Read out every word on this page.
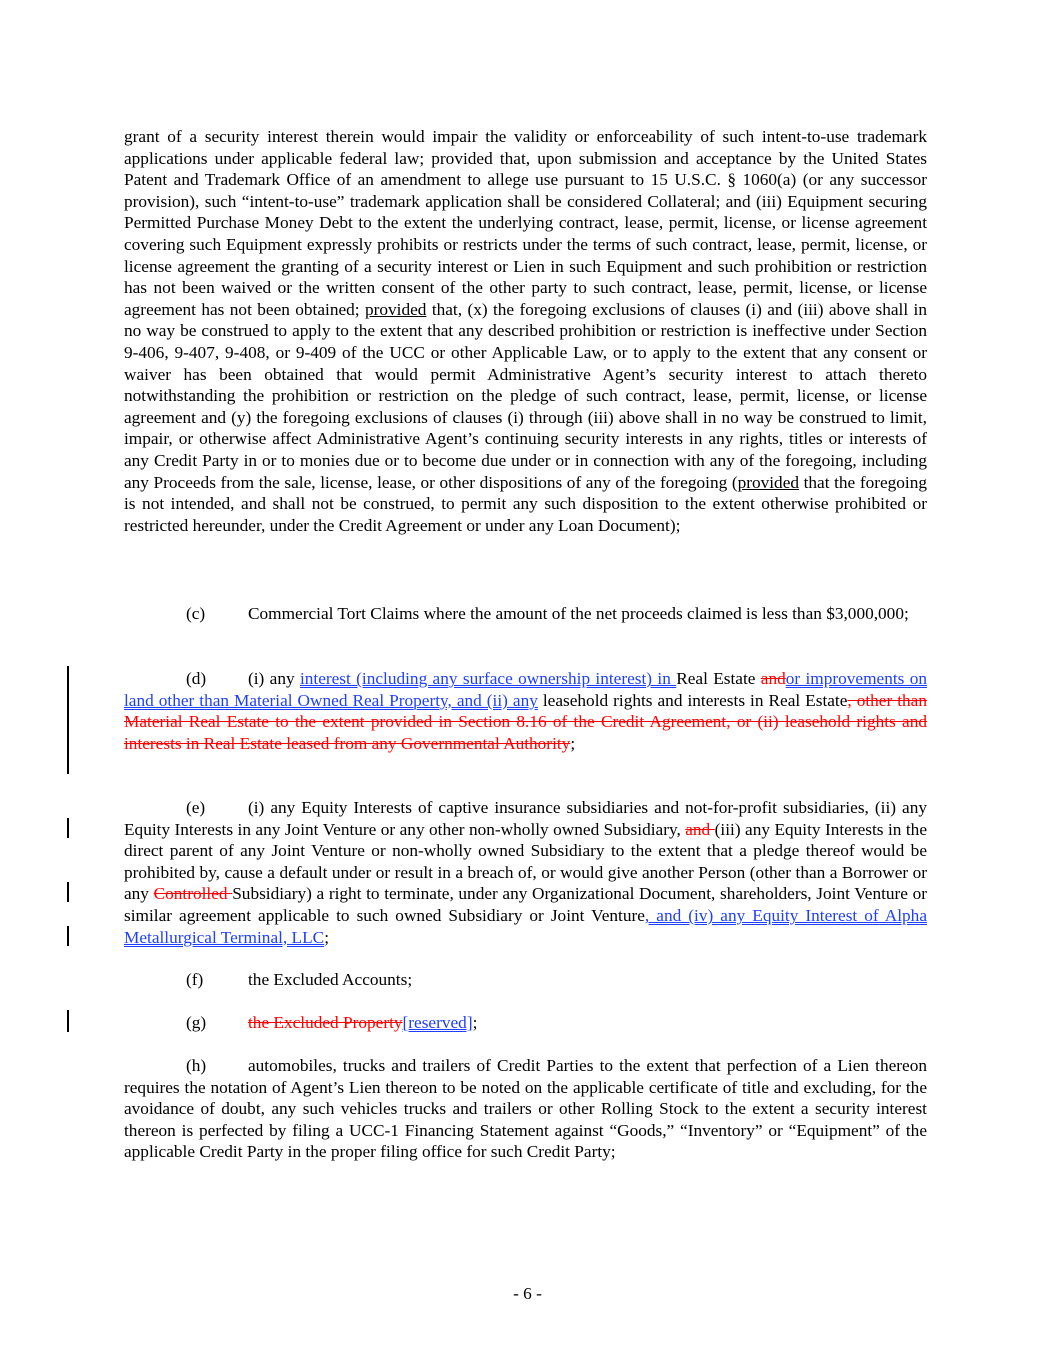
grant of a security interest therein would impair the validity or enforceability of such intent-to-use trademark applications under applicable federal law; provided that, upon submission and acceptance by the United States Patent and Trademark Office of an amendment to allege use pursuant to 15 U.S.C. § 1060(a) (or any successor provision), such “intent-to-use” trademark application shall be considered Collateral; and (iii) Equipment securing Permitted Purchase Money Debt to the extent the underlying contract, lease, permit, license, or license agreement covering such Equipment expressly prohibits or restricts under the terms of such contract, lease, permit, license, or license agreement the granting of a security interest or Lien in such Equipment and such prohibition or restriction has not been waived or the written consent of the other party to such contract, lease, permit, license, or license agreement has not been obtained; provided that, (x) the foregoing exclusions of clauses (i) and (iii) above shall in no way be construed to apply to the extent that any described prohibition or restriction is ineffective under Section 9-406, 9-407, 9-408, or 9-409 of the UCC or other Applicable Law, or to apply to the extent that any consent or waiver has been obtained that would permit Administrative Agent’s security interest to attach thereto notwithstanding the prohibition or restriction on the pledge of such contract, lease, permit, license, or license agreement and (y) the foregoing exclusions of clauses (i) through (iii) above shall in no way be construed to limit, impair, or otherwise affect Administrative Agent’s continuing security interests in any rights, titles or interests of any Credit Party in or to monies due or to become due under or in connection with any of the foregoing, including any Proceeds from the sale, license, lease, or other dispositions of any of the foregoing (provided that the foregoing is not intended, and shall not be construed, to permit any such disposition to the extent otherwise prohibited or restricted hereunder, under the Credit Agreement or under any Loan Document);

(c) Commercial Tort Claims where the amount of the net proceeds claimed is less than $3,000,000;

(d) (i) any interest (including any surface ownership interest) in Real Estate andor improvements on land other than Material Owned Real Property, and (ii) any leasehold rights and interests in Real Estate, other than Material Real Estate to the extent provided in Section 8.16 of the Credit Agreement, or (ii) leasehold rights and interests in Real Estate leased from any Governmental Authority;

(e) (i) any Equity Interests of captive insurance subsidiaries and not-for-profit subsidiaries, (ii) any Equity Interests in any Joint Venture or any other non-wholly owned Subsidiary, and (iii) any Equity Interests in the direct parent of any Joint Venture or non-wholly owned Subsidiary to the extent that a pledge thereof would be prohibited by, cause a default under or result in a breach of, or would give another Person (other than a Borrower or any Controlled Subsidiary) a right to terminate, under any Organizational Document, shareholders, Joint Venture or similar agreement applicable to such owned Subsidiary or Joint Venture, and (iv) any Equity Interest of Alpha Metallurgical Terminal, LLC;

(f)	the Excluded Accounts;

(g) the Excluded Property[reserved];

(h) automobiles, trucks and trailers of Credit Parties to the extent that perfection of a Lien thereon requires the notation of Agent’s Lien thereon to be noted on the applicable certificate of title and excluding, for the avoidance of doubt, any such vehicles trucks and trailers or other Rolling Stock to the extent a security interest thereon is perfected by filing a UCC-1 Financing Statement against “Goods,” “Inventory” or “Equipment” of the applicable Credit Party in the proper filing office for such Credit Party;

- 6 -
